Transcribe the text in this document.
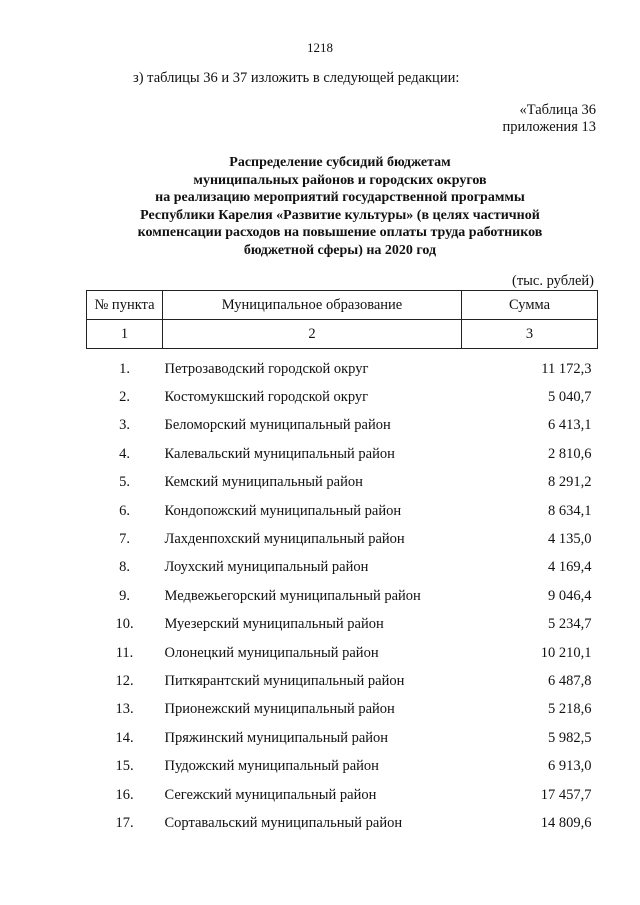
1218
з) таблицы 36 и 37 изложить в следующей редакции:
«Таблица 36
приложения 13
Распределение субсидий бюджетам
муниципальных районов и городских округов
на реализацию мероприятий государственной программы
Республики Карелия «Развитие культуры» (в целях частичной
компенсации расходов на повышение оплаты труда работников
бюджетной сферы) на 2020 год
(тыс. рублей)
№ пункта	Муниципальное образование	Сумма
1	2	3
1.	Петрозаводский городской округ	11 172,3
2.	Костомукшский городской округ	5 040,7
3.	Беломорский муниципальный район	6 413,1
4.	Калевальский муниципальный район	2 810,6
5.	Кемский муниципальный район	8 291,2
6.	Кондопожский муниципальный район	8 634,1
7.	Лахденпохский муниципальный район	4 135,0
8.	Лоухский муниципальный район	4 169,4
9.	Медвежьегорский муниципальный район	9 046,4
10.	Муезерский муниципальный район	5 234,7
11.	Олонецкий муниципальный район	10 210,1
12.	Питкярантский муниципальный район	6 487,8
13.	Прионежский муниципальный район	5 218,6
14.	Пряжинский муниципальный район	5 982,5
15.	Пудожский муниципальный район	6 913,0
16.	Сегежский муниципальный район	17 457,7
17.	Сортавальский муниципальный район	14 809,6
